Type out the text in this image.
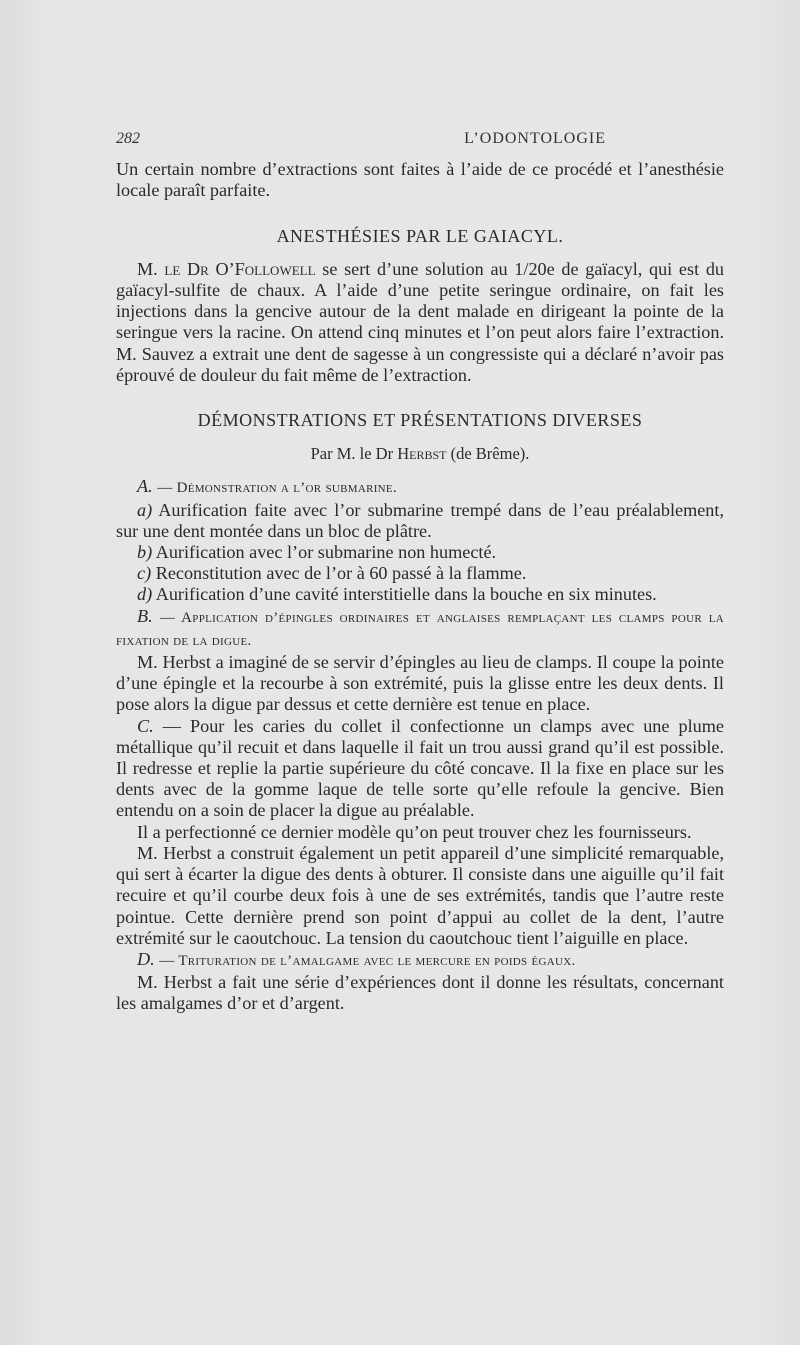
282	L’ODONTOLOGIE

Un certain nombre d’extractions sont faites à l’aide de ce procédé et l’anesthésie locale paraît parfaite.

ANESTHÉSIES PAR LE GAIACYL.

M. le Dr O’Followell se sert d’une solution au 1/20e de gaïacyl, qui est du gaïacyl-sulfite de chaux. A l’aide d’une petite seringue ordinaire, on fait les injections dans la gencive autour de la dent malade en dirigeant la pointe de la seringue vers la racine. On attend cinq minutes et l’on peut alors faire l’extraction. M. Sauvez a extrait une dent de sagesse à un congressiste qui a déclaré n’avoir pas éprouvé de douleur du fait même de l’extraction.

DÉMONSTRATIONS ET PRÉSENTATIONS DIVERSES
Par M. le Dr Herbst (de Brême).

A. — Démonstration a l’or submarine.

a) Aurification faite avec l’or submarine trempé dans de l’eau préalablement, sur une dent montée dans un bloc de plâtre.

b) Aurification avec l’or submarine non humecté.

c) Reconstitution avec de l’or à 60 passé à la flamme.

d) Aurification d’une cavité interstitielle dans la bouche en six minutes.

B. — Application d’épingles ordinaires et anglaises remplaçant les clamps pour la fixation de la digue.

M. Herbst a imaginé de se servir d’épingles au lieu de clamps. Il coupe la pointe d’une épingle et la recourbe à son extrémité, puis la glisse entre les deux dents. Il pose alors la digue par dessus et cette dernière est tenue en place.

C. — Pour les caries du collet il confectionne un clamps avec une plume métallique qu’il recuit et dans laquelle il fait un trou aussi grand qu’il est possible. Il redresse et replie la partie supérieure du côté concave. Il la fixe en place sur les dents avec de la gomme laque de telle sorte qu’elle refoule la gencive. Bien entendu on a soin de placer la digue au préalable.

Il a perfectionné ce dernier modèle qu’on peut trouver chez les fournisseurs.

M. Herbst a construit également un petit appareil d’une simplicité remarquable, qui sert à écarter la digue des dents à obturer. Il consiste dans une aiguille qu’il fait recuire et qu’il courbe deux fois à une de ses extrémités, tandis que l’autre reste pointue. Cette dernière prend son point d’appui au collet de la dent, l’autre extrémité sur le caoutchouc. La tension du caoutchouc tient l’aiguille en place.

D. — Trituration de l’amalgame avec le mercure en poids égaux.

M. Herbst a fait une série d’expériences dont il donne les résultats, concernant les amalgames d’or et d’argent.
